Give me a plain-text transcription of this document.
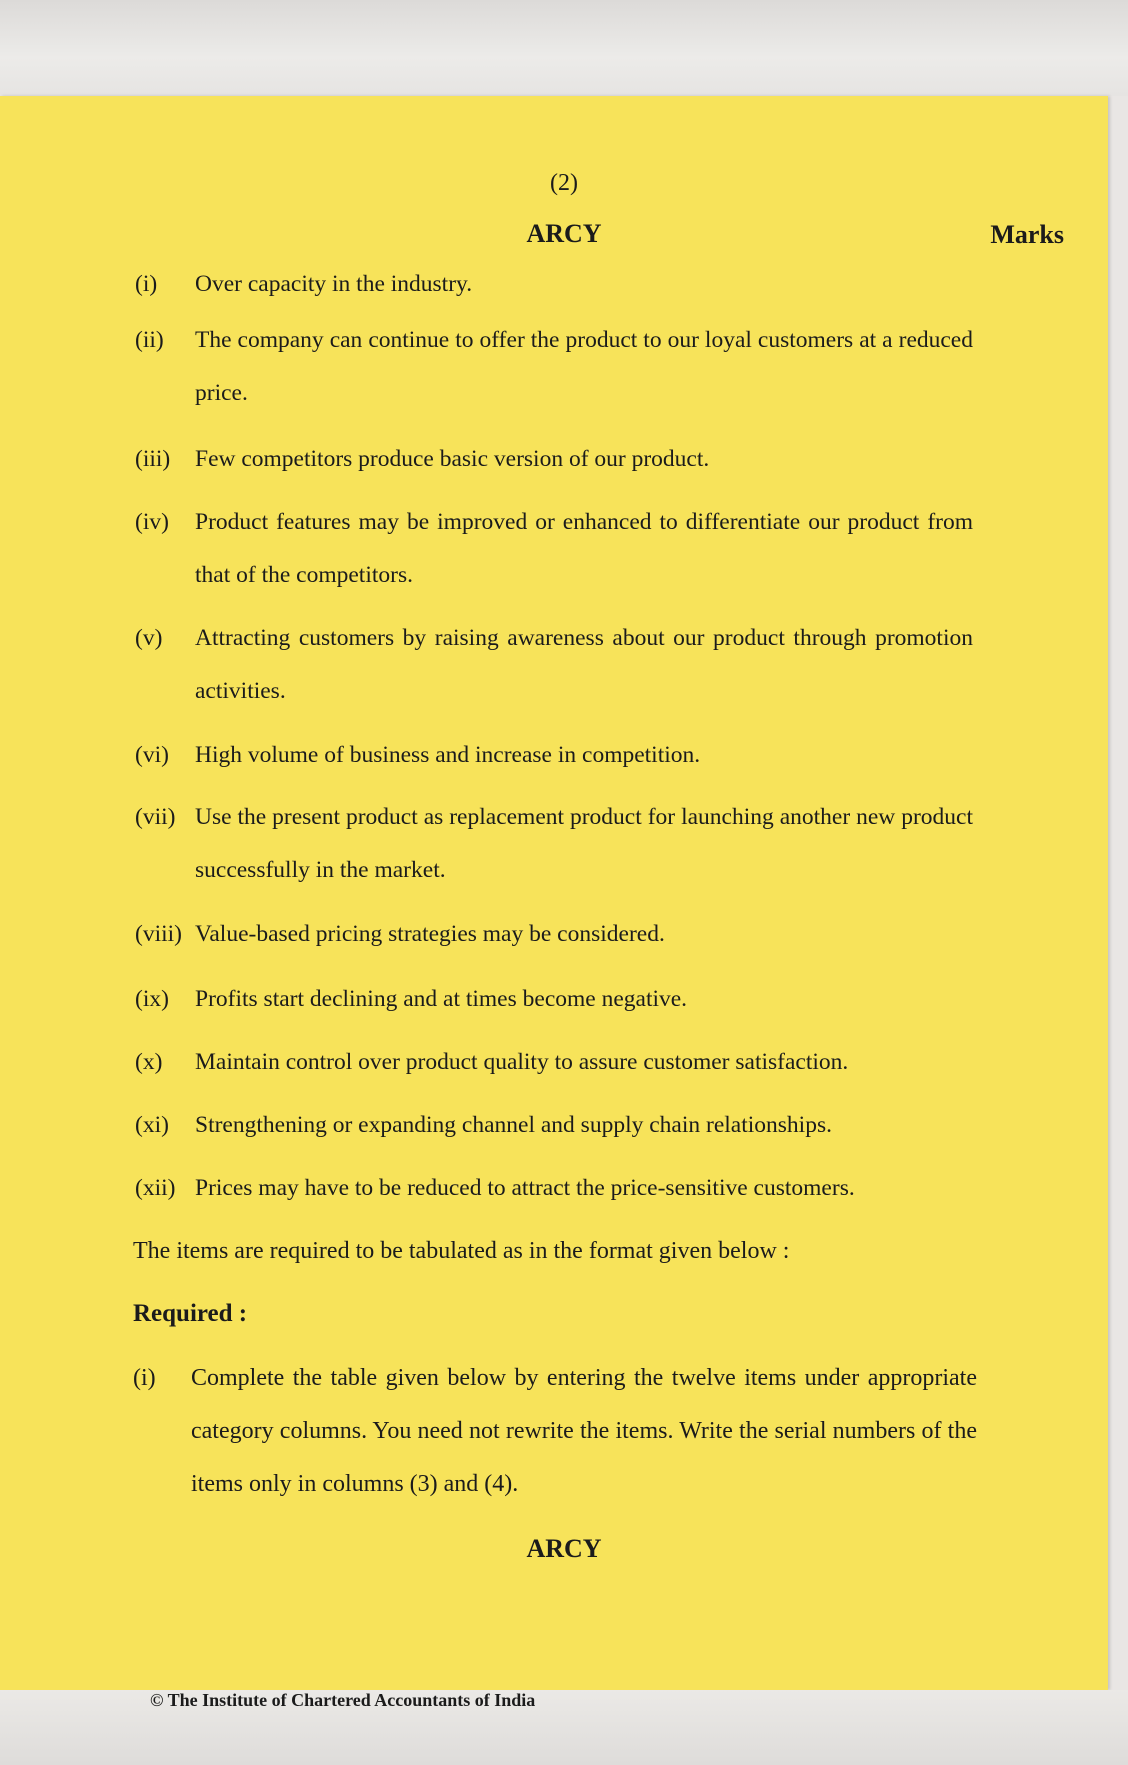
(2)
ARCY	Marks
(i)	Over capacity in the industry.
(ii)	The company can continue to offer the product to our loyal customers at a reduced price.
(iii)	Few competitors produce basic version of our product.
(iv)	Product features may be improved or enhanced to differentiate our product from that of the competitors.
(v)	Attracting customers by raising awareness about our product through promotion activities.
(vi)	High volume of business and increase in competition.
(vii) Use the present product as replacement product for launching another new product successfully in the market.
(viii) Value-based pricing strategies may be considered.
(ix)	Profits start declining and at times become negative.
(x)	Maintain control over product quality to assure customer satisfaction.
(xi)	Strengthening or expanding channel and supply chain relationships.
(xii) Prices may have to be reduced to attract the price-sensitive customers.
The items are required to be tabulated as in the format given below :
Required :
(i)	Complete the table given below by entering the twelve items under appropriate category columns. You need not rewrite the items. Write the serial numbers of the items only in columns (3) and (4).
ARCY
© The Institute of Chartered Accountants of India
